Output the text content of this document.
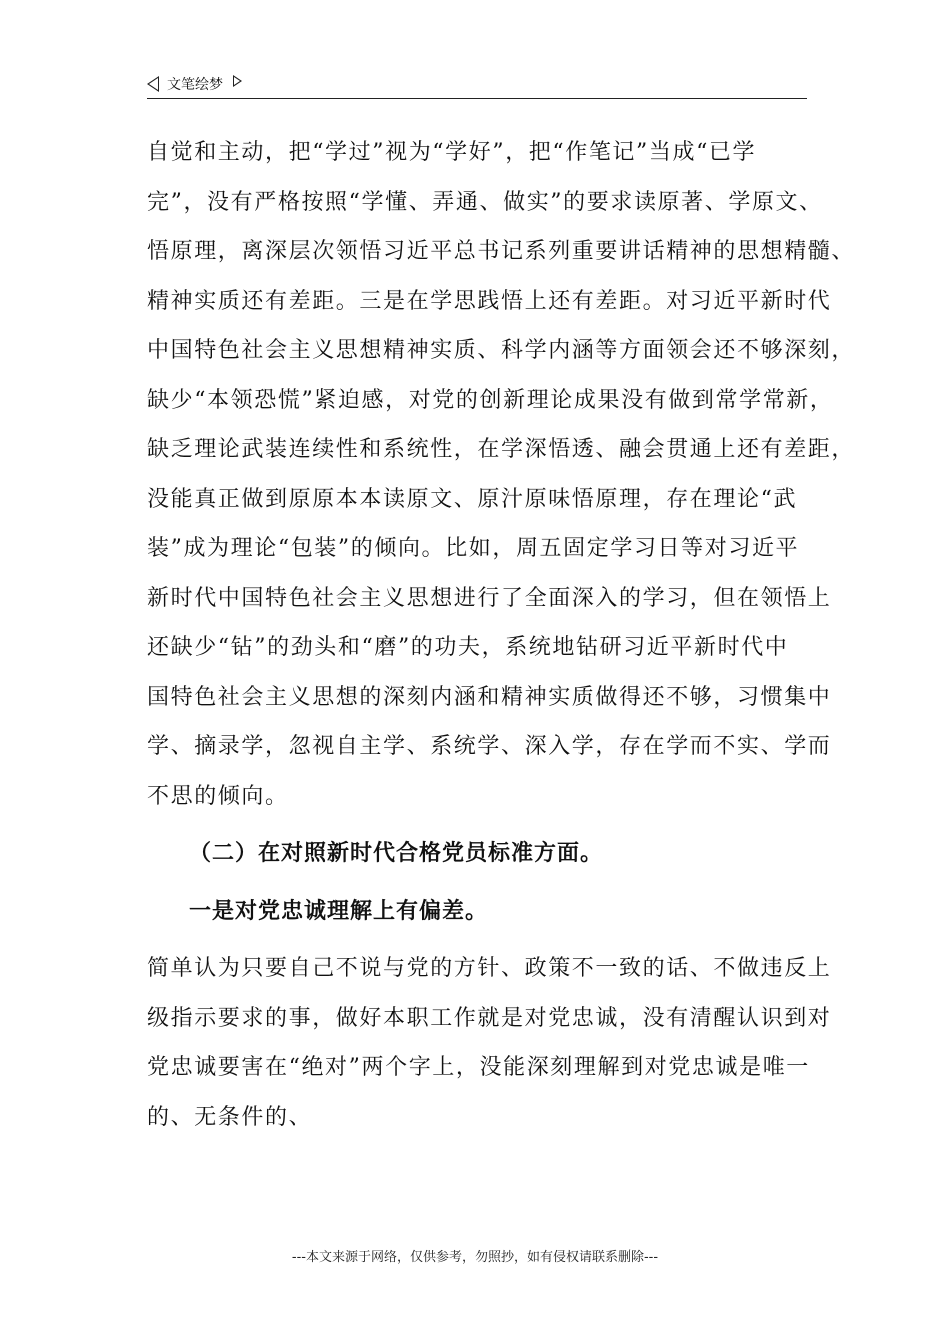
文笔绘梦
自觉和主动，把“学过”视为“学好”，把“作笔记”当成“已学
完”，没有严格按照“学懂、弄通、做实”的要求读原著、学原文、
悟原理，离深层次领悟习近平总书记系列重要讲话精神的思想精髓、
精神实质还有差距。三是在学思践悟上还有差距。对习近平新时代
中国特色社会主义思想精神实质、科学内涵等方面领会还不够深刻，
缺少“本领恐慌”紧迫感，对党的创新理论成果没有做到常学常新，
缺乏理论武装连续性和系统性，在学深悟透、融会贯通上还有差距，
没能真正做到原原本本读原文、原汁原味悟原理，存在理论“武
装”成为理论“包装”的倾向。比如，周五固定学习日等对习近平
新时代中国特色社会主义思想进行了全面深入的学习，但在领悟上
还缺少“钻”的劲头和“磨”的功夫，系统地钻研习近平新时代中
国特色社会主义思想的深刻内涵和精神实质做得还不够，习惯集中
学、摘录学，忽视自主学、系统学、深入学，存在学而不实、学而
不思的倾向。
（二）在对照新时代合格党员标准方面。
一是对党忠诚理解上有偏差。
简单认为只要自己不说与党的方针、政策不一致的话、不做违反上
级指示要求的事，做好本职工作就是对党忠诚，没有清醒认识到对
党忠诚要害在“绝对”两个字上，没能深刻理解到对党忠诚是唯一
的、无条件的、
---本文来源于网络，仅供参考，勿照抄，如有侵权请联系删除---
